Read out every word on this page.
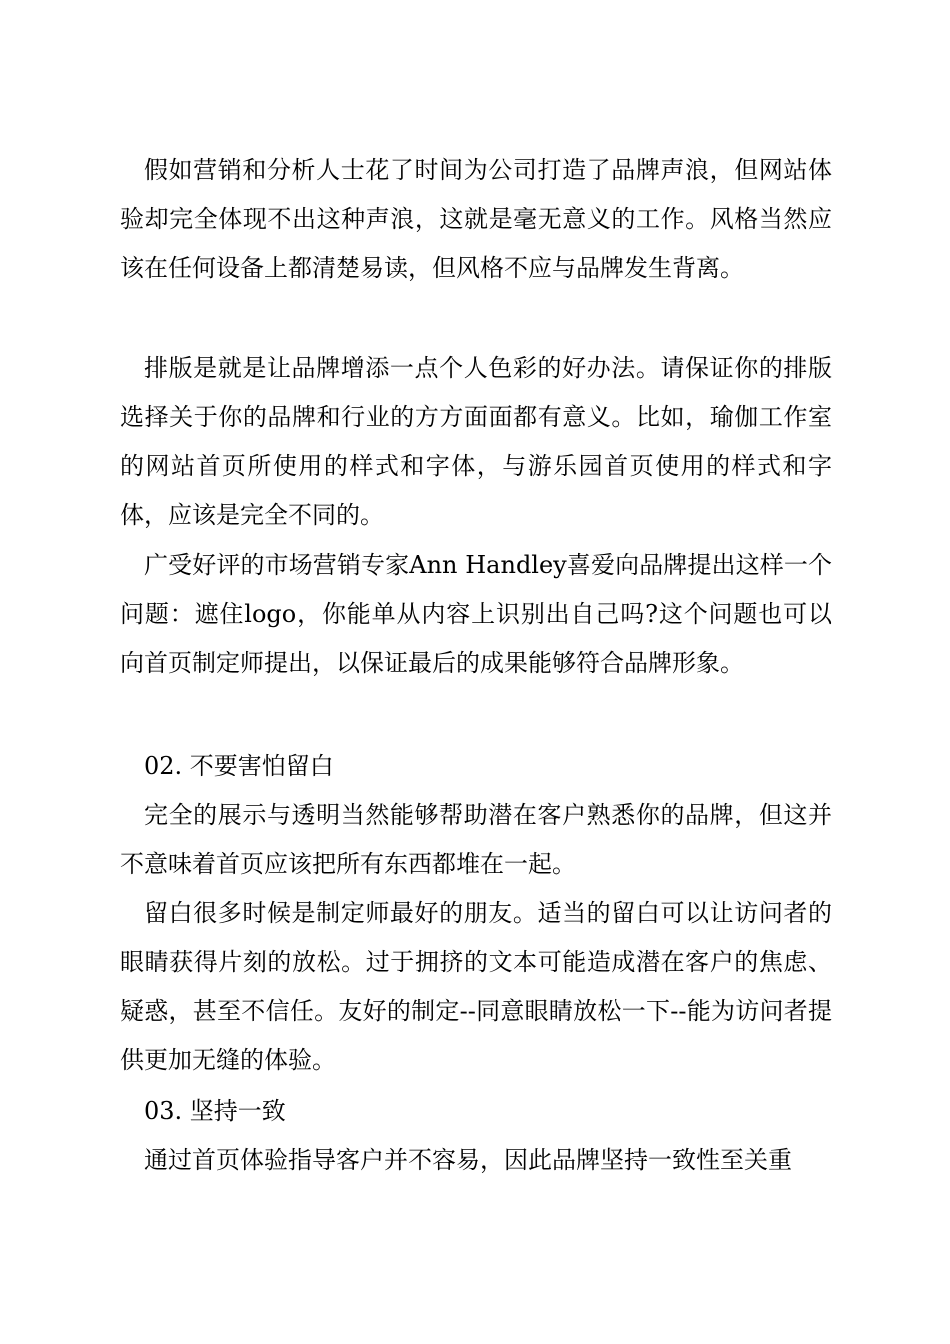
假如营销和分析人士花了时间为公司打造了品牌声浪，但网站体验却完全体现不出这种声浪，这就是毫无意义的工作。风格当然应该在任何设备上都清楚易读，但风格不应与品牌发生背离。

排版是就是让品牌增添一点个人色彩的好办法。请保证你的排版选择关于你的品牌和行业的方方面面都有意义。比如，瑜伽工作室的网站首页所使用的样式和字体，与游乐园首页使用的样式和字体，应该是完全不同的。

广受好评的市场营销专家Ann Handley喜爱向品牌提出这样一个问题：遮住logo，你能单从内容上识别出自己吗?这个问题也可以向首页制定师提出，以保证最后的成果能够符合品牌形象。

02. 不要害怕留白

完全的展示与透明当然能够帮助潜在客户熟悉你的品牌，但这并不意味着首页应该把所有东西都堆在一起。

留白很多时候是制定师最好的朋友。适当的留白可以让访问者的眼睛获得片刻的放松。过于拥挤的文本可能造成潜在客户的焦虑、疑惑，甚至不信任。友好的制定--同意眼睛放松一下--能为访问者提供更加无缝的体验。

03. 坚持一致

通过首页体验指导客户并不容易，因此品牌坚持一致性至关重
